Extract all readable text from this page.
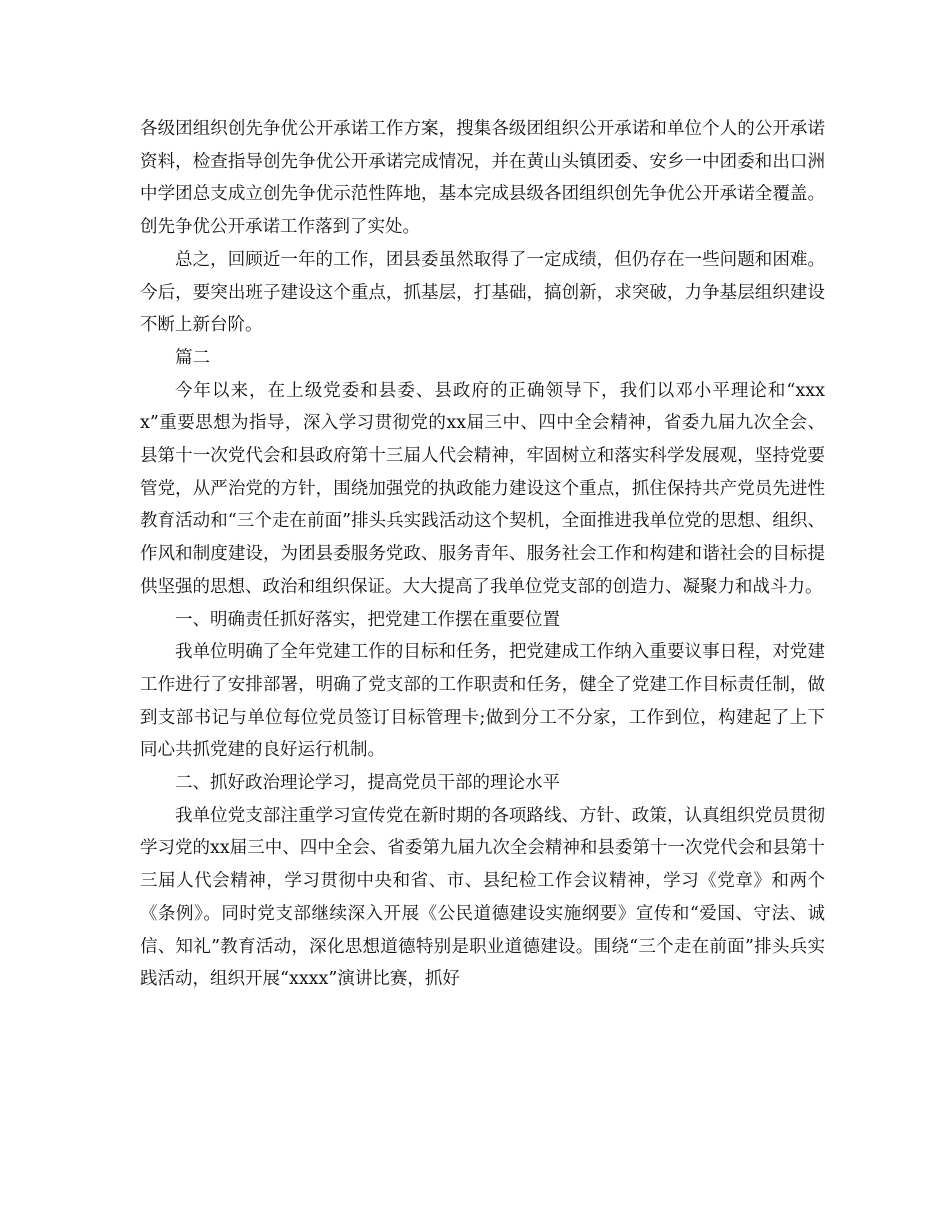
各级团组织创先争优公开承诺工作方案，搜集各级团组织公开承诺和单位个人的公开承诺资料，检查指导创先争优公开承诺完成情况，并在黄山头镇团委、安乡一中团委和出口洲中学团总支成立创先争优示范性阵地，基本完成县级各团组织创先争优公开承诺全覆盖。创先争优公开承诺工作落到了实处。

总之，回顾近一年的工作，团县委虽然取得了一定成绩，但仍存在一些问题和困难。今后，要突出班子建设这个重点，抓基层，打基础，搞创新，求突破，力争基层组织建设不断上新台阶。

篇二

今年以来，在上级党委和县委、县政府的正确领导下，我们以邓小平理论和“xxxx”重要思想为指导，深入学习贯彻党的xx届三中、四中全会精神，省委九届九次全会、县第十一次党代会和县政府第十三届人代会精神，牢固树立和落实科学发展观，坚持党要管党，从严治党的方针，围绕加强党的执政能力建设这个重点，抓住保持共产党员先进性教育活动和“三个走在前面”排头兵实践活动这个契机，全面推进我单位党的思想、组织、作风和制度建设，为团县委服务党政、服务青年、服务社会工作和构建和谐社会的目标提供坚强的思想、政治和组织保证。大大提高了我单位党支部的创造力、凝聚力和战斗力。

一、明确责任抓好落实，把党建工作摆在重要位置

我单位明确了全年党建工作的目标和任务，把党建成工作纳入重要议事日程，对党建工作进行了安排部署，明确了党支部的工作职责和任务，健全了党建工作目标责任制，做到支部书记与单位每位党员签订目标管理卡;做到分工不分家，工作到位，构建起了上下同心共抓党建的良好运行机制。

二、抓好政治理论学习，提高党员干部的理论水平

我单位党支部注重学习宣传党在新时期的各项路线、方针、政策，认真组织党员贯彻学习党的xx届三中、四中全会、省委第九届九次全会精神和县委第十一次党代会和县第十三届人代会精神，学习贯彻中央和省、市、县纪检工作会议精神，学习《党章》和两个《条例》。同时党支部继续深入开展《公民道德建设实施纲要》宣传和“爱国、守法、诚信、知礼”教育活动，深化思想道德特别是职业道德建设。围绕“三个走在前面”排头兵实践活动，组织开展“xxxx”演讲比赛，抓好
